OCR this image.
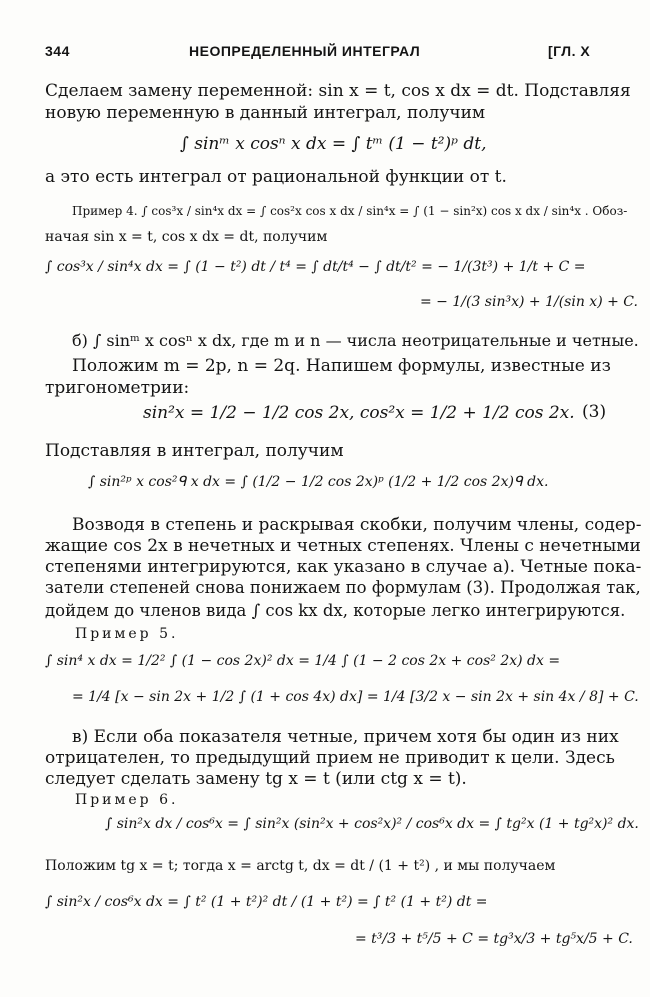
344	НЕОПРЕДЕЛЕННЫЙ ИНТЕГРАЛ	[ГЛ. X
Сделаем замену переменной: sin x = t, cos x dx = dt. Подставляя
новую переменную в данный интеграл, получим
∫ sinᵐ x cosⁿ x dx = ∫ tᵐ (1 − t²)ᵖ dt,
а это есть интеграл от рациональной функции от t.
Пример 4. ∫ cos³x / sin⁴x dx = ∫ cos²x cos x dx / sin⁴x = ∫ (1 − sin²x) cos x dx / sin⁴x . Обоз-
начая sin x = t, cos x dx = dt, получим
∫ cos³x / sin⁴x dx = ∫ (1 − t²) dt / t⁴ = ∫ dt/t⁴ − ∫ dt/t² = − 1/(3t³) + 1/t + C =
= − 1/(3 sin³x) + 1/(sin x) + C.
б) ∫ sinᵐ x cosⁿ x dx, где m и n — числа неотрицательные и четные.
Положим m = 2p, n = 2q. Напишем формулы, известные из
тригонометрии:
sin²x = 1/2 − 1/2 cos 2x, cos²x = 1/2 + 1/2 cos 2x. (3)
Подставляя в интеграл, получим
∫ sin²ᵖ x cos²ᑫ x dx = ∫ (1/2 − 1/2 cos 2x)ᵖ (1/2 + 1/2 cos 2x)ᑫ dx.
Возводя в степень и раскрывая скобки, получим члены, содер-
жащие cos 2x в нечетных и четных степенях. Члены с нечетными
степенями интегрируются, как указано в случае а). Четные пока-
затели степеней снова понижаем по формулам (3). Продолжая так,
дойдем до членов вида ∫ cos kx dx, которые легко интегрируются.
Пример 5.
∫ sin⁴ x dx = 1/2² ∫ (1 − cos 2x)² dx = 1/4 ∫ (1 − 2 cos 2x + cos² 2x) dx =
= 1/4 [x − sin 2x + 1/2 ∫ (1 + cos 4x) dx] = 1/4 [3/2 x − sin 2x + sin 4x / 8] + C.
в) Если оба показателя четные, причем хотя бы один из них
отрицателен, то предыдущий прием не приводит к цели. Здесь
следует сделать замену tg x = t (или ctg x = t).
Пример 6.
∫ sin²x dx / cos⁶x = ∫ sin²x (sin²x + cos²x)² / cos⁶x dx = ∫ tg²x (1 + tg²x)² dx.
Положим tg x = t; тогда x = arctg t, dx = dt / (1 + t²) , и мы получаем
∫ sin²x / cos⁶x dx = ∫ t² (1 + t²)² dt / (1 + t²) = ∫ t² (1 + t²) dt =
= t³/3 + t⁵/5 + C = tg³x/3 + tg⁵x/5 + C.
